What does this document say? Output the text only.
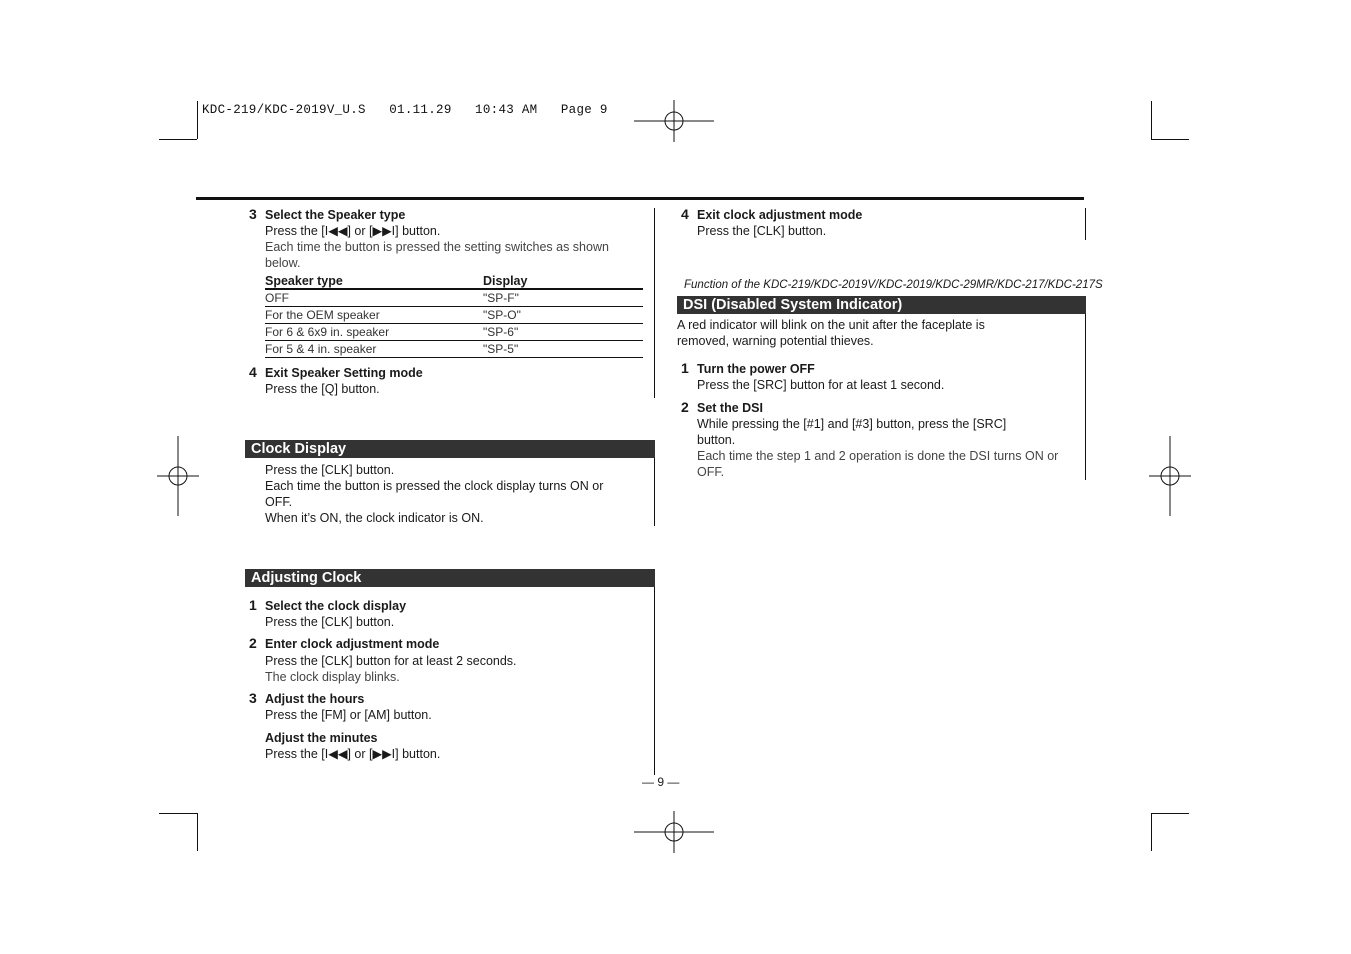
KDC-219/KDC-2019V_U.S   01.11.29   10:43 AM   Page 9
3 Select the Speaker type
Press the [I◀◀] or [▶▶I] button.
Each time the button is pressed the setting switches as shown
below.
Speaker type	Display
OFF	"SP-F"
For the OEM speaker	"SP-O"
For 6 & 6x9 in. speaker	"SP-6"
For 5 & 4 in. speaker	"SP-5"
4 Exit Speaker Setting mode
Press the [Q] button.
Clock Display
Press the [CLK] button.
Each time the button is pressed the clock display turns ON or
OFF.
When it’s ON, the clock indicator is ON.
Adjusting Clock
1 Select the clock display
Press the [CLK] button.
2 Enter clock adjustment mode
Press the [CLK] button for at least 2 seconds.
The clock display blinks.
3 Adjust the hours
Press the [FM] or [AM] button.
Adjust the minutes
Press the [I◀◀] or [▶▶I] button.
4 Exit clock adjustment mode
Press the [CLK] button.
Function of the KDC-219/KDC-2019V/KDC-2019/KDC-29MR/KDC-217/KDC-217S
DSI (Disabled System Indicator)
A red indicator will blink on the unit after the faceplate is
removed, warning potential thieves.
1 Turn the power OFF
Press the [SRC] button for at least 1 second.
2 Set the DSI
While pressing the [#1] and [#3] button, press the [SRC]
button.
Each time the step 1 and 2 operation is done the DSI turns ON or
OFF.
— 9 —
